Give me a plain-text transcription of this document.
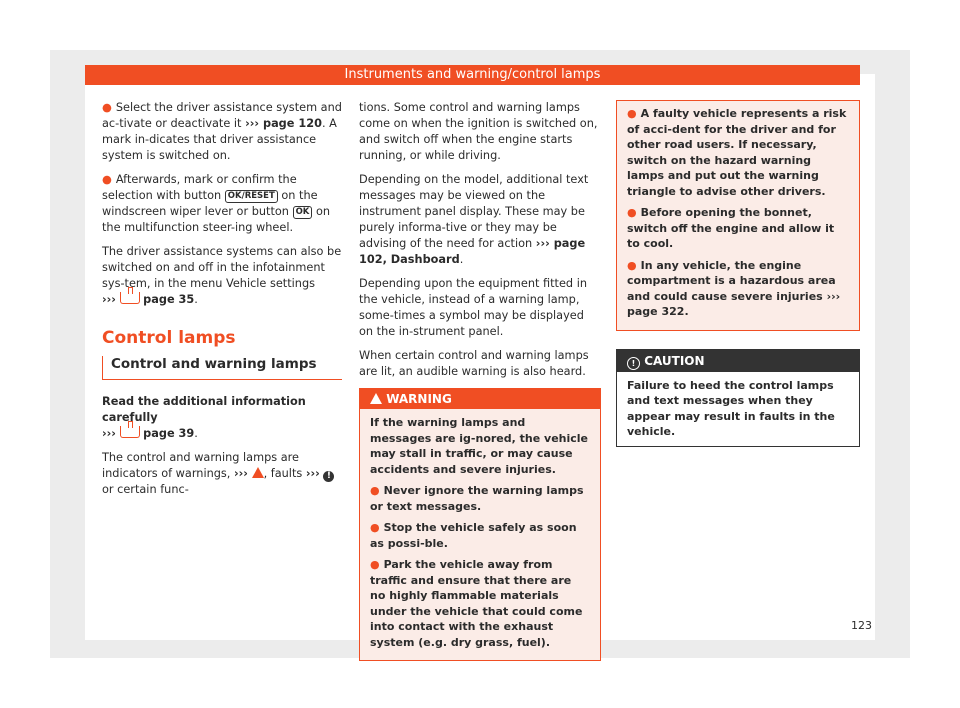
Instruments and warning/control lamps

● Select the driver assistance system and ac-tivate or deactivate it ››› page 120. A mark in-dicates that driver assistance system is switched on.

● Afterwards, mark or confirm the selection with button OK/RESET on the windscreen wiper lever or button OK on the multifunction steer-ing wheel.

The driver assistance systems can also be switched on and off in the infotainment sys-tem, in the menu Vehicle settings
››› page 35.

Control lamps
Control and warning lamps

Read the additional information carefully
››› page 39.

The control and warning lamps are indicators of warnings, ››› , faults ››› ! or certain func-

tions. Some control and warning lamps come on when the ignition is switched on, and switch off when the engine starts running, or while driving.

Depending on the model, additional text messages may be viewed on the instrument panel display. These may be purely informa-tive or they may be advising of the need for action ››› page 102, Dashboard.

Depending upon the equipment fitted in the vehicle, instead of a warning lamp, some-times a symbol may be displayed on the in-strument panel.

When certain control and warning lamps are lit, an audible warning is also heard.

WARNING

If the warning lamps and messages are ig-nored, the vehicle may stall in traffic, or may cause accidents and severe injuries.

● Never ignore the warning lamps or text messages.

● Stop the vehicle safely as soon as possi-ble.

● Park the vehicle away from traffic and ensure that there are no highly flammable materials under the vehicle that could come into contact with the exhaust system (e.g. dry grass, fuel).

● A faulty vehicle represents a risk of acci-dent for the driver and for other road users. If necessary, switch on the hazard warning lamps and put out the warning triangle to advise other drivers.

● Before opening the bonnet, switch off the engine and allow it to cool.

● In any vehicle, the engine compartment is a hazardous area and could cause severe injuries ››› page 322.

! CAUTION
Failure to heed the control lamps and text messages when they appear may result in faults in the vehicle.
123
